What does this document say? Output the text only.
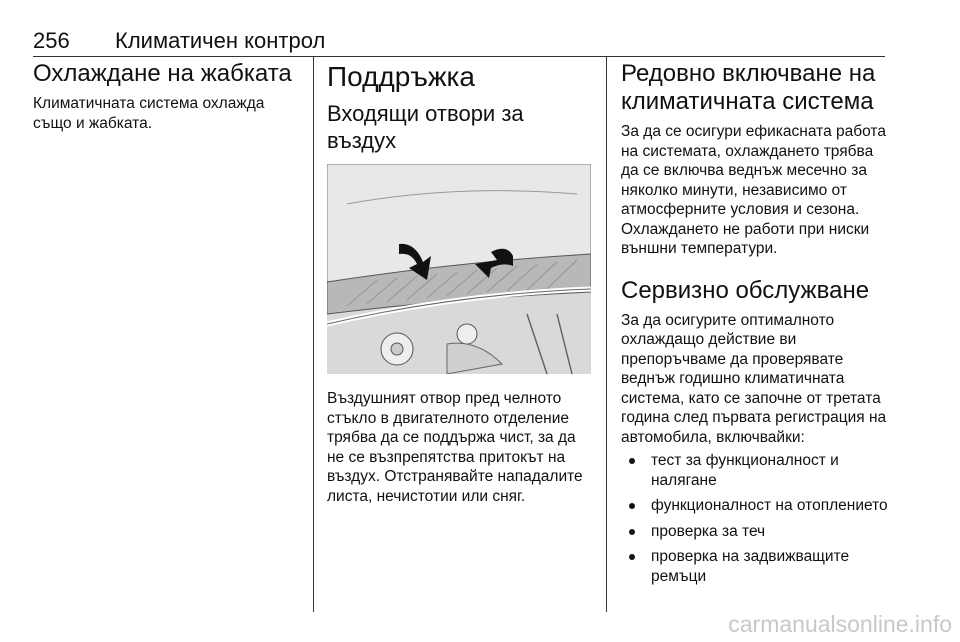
256 Климатичен контрол
Охлаждане на жабката

Климатичната система охлажда също и жабката.

Поддръжка
Входящи отвори за въздух

Въздушният отвор пред челното стъкло в двигателното отделение трябва да се поддържа чист, за да не се възпрепятства притокът на въздух. Отстранявайте нападалите листа, нечистотии или сняг.

Редовно включване на климатичната система

За да се осигури ефикасната работа на системата, охлаждането трябва да се включва веднъж месечно за няколко минути, независимо от атмосферните условия и сезона. Охлаждането не работи при ниски външни температури.

Сервизно обслужване

За да осигурите оптималното охлаждащо действие ви препоръчваме да проверявате веднъж годишно климатичната система, като се започне от третата година след първата регистрация на автомобила, включвайки:

тест за функционалност и налягане
функционалност на отоплението
проверка за теч
проверка на задвижващите ремъци
carmanualsonline.info
